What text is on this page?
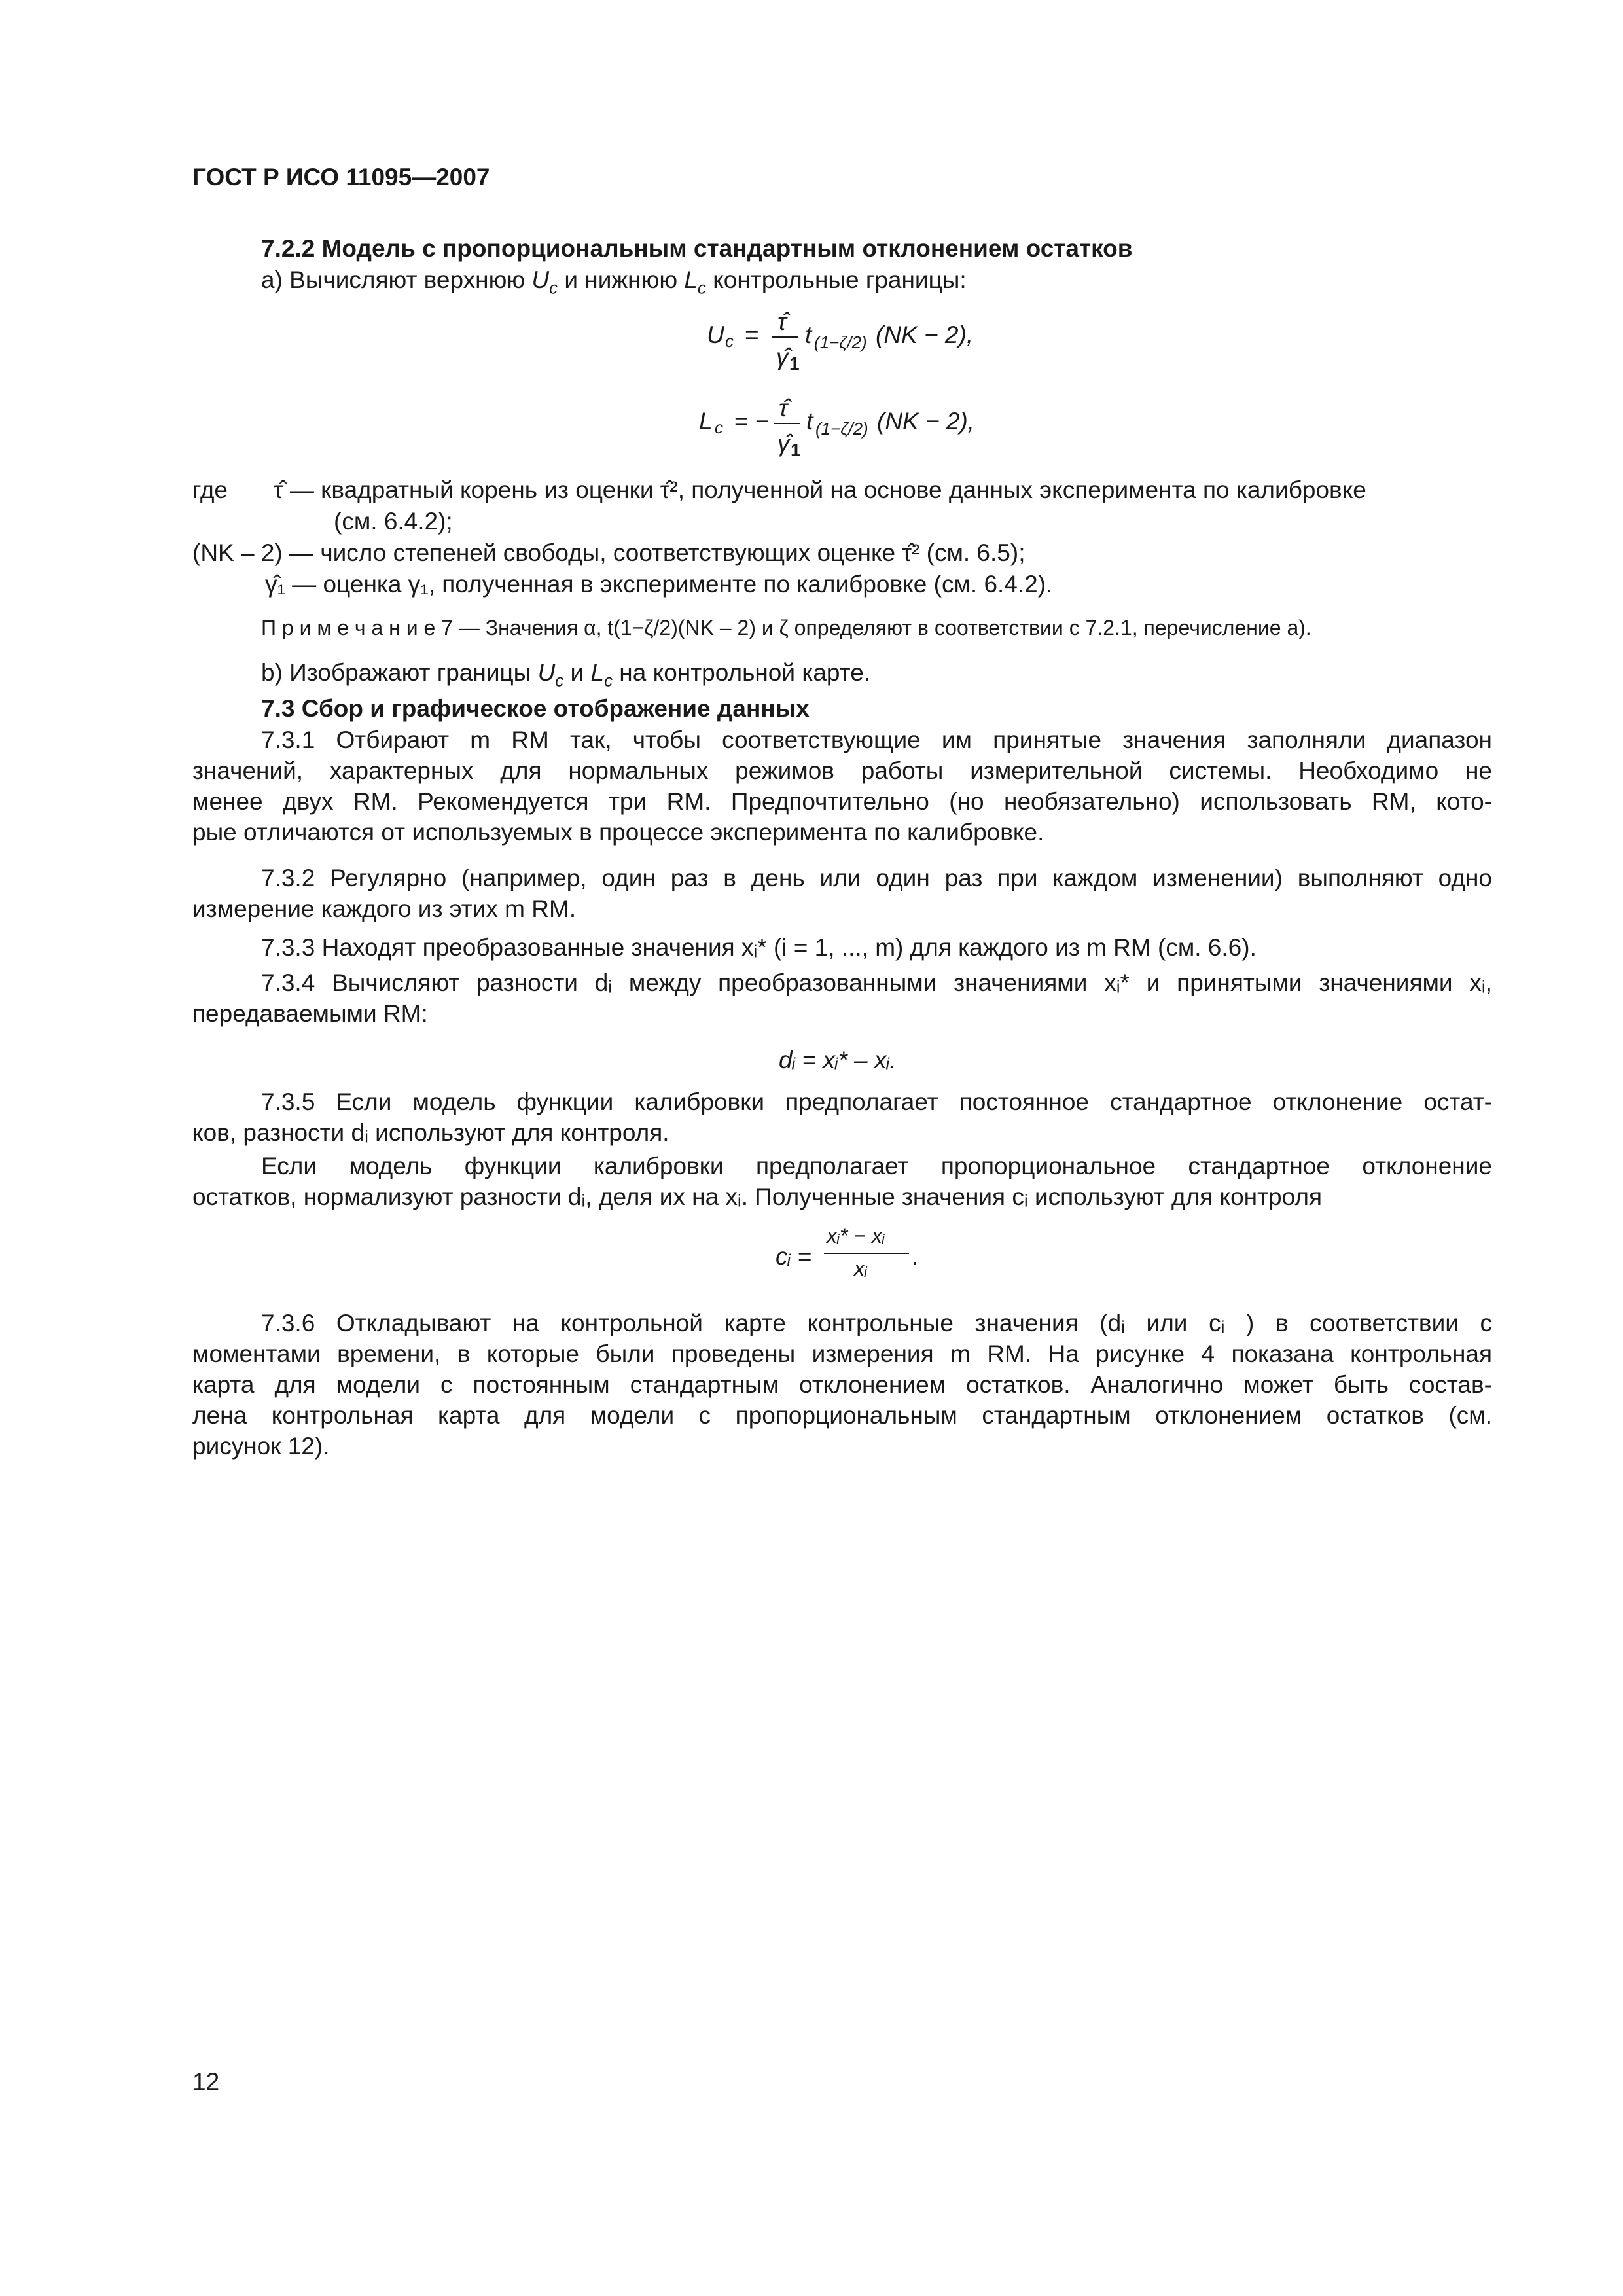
ГОСТ Р ИСО 11095—2007
7.2.2 Модель с пропорциональным стандартным отклонением остатков
а) Вычисляют верхнюю $U_c$ и нижнюю $L_c$ контрольные границы:
U c = τ̂
γ̂ 1
t (1−ζ/2) (NK − 2),
L c = − τ̂
γ̂ 1
t (1−ζ/2) (NK − 2),
где τ̂ — квадратный корень из оценки τ̂², полученной на основе данных эксперимента по калибровке
(см. 6.4.2);
(NK – 2) — число степеней свободы, соответствующих оценке τ̂² (см. 6.5);
γ̂₁ — оценка γ₁, полученная в эксперименте по калибровке (см. 6.4.2).
П р и м е ч а н и е 7 — Значения α, t(1−ζ/2)(NK – 2) и ζ определяют в соответствии с 7.2.1, перечисление а).
b) Изображают границы $U_c$ и $L_c$ на контрольной карте.
7.3 Сбор и графическое отображение данных
7.3.1 Отбирают m RM так, чтобы соответствующие им принятые значения заполняли диапазон
значений, характерных для нормальных режимов работы измерительной системы. Необходимо не
менее двух RM. Рекомендуется три RM. Предпочтительно (но необязательно) использовать RM, кото-
рые отличаются от используемых в процессе эксперимента по калибровке.
7.3.2 Регулярно (например, один раз в день или один раз при каждом изменении) выполняют одно
измерение каждого из этих m RM.
7.3.3 Находят преобразованные значения xᵢ* (i = 1, ..., m) для каждого из m RM (см. 6.6).
7.3.4 Вычисляют разности dᵢ между преобразованными значениями xᵢ* и принятыми значениями xᵢ,
передаваемыми RM:
dᵢ = xᵢ* – xᵢ.
7.3.5 Если модель функции калибровки предполагает постоянное стандартное отклонение остат-
ков, разности dᵢ используют для контроля.
Если модель функции калибровки предполагает пропорциональное стандартное отклонение
остатков, нормализуют разности dᵢ, деля их на xᵢ. Полученные значения cᵢ используют для контроля
cᵢ =
xᵢ* − xᵢ
xᵢ .
7.3.6 Откладывают на контрольной карте контрольные значения (dᵢ или cᵢ ) в соответствии с
моментами времени, в которые были проведены измерения m RM. На рисунке 4 показана контрольная
карта для модели с постоянным стандартным отклонением остатков. Аналогично может быть состав-
лена контрольная карта для модели с пропорциональным стандартным отклонением остатков (см.
рисунок 12).
12
